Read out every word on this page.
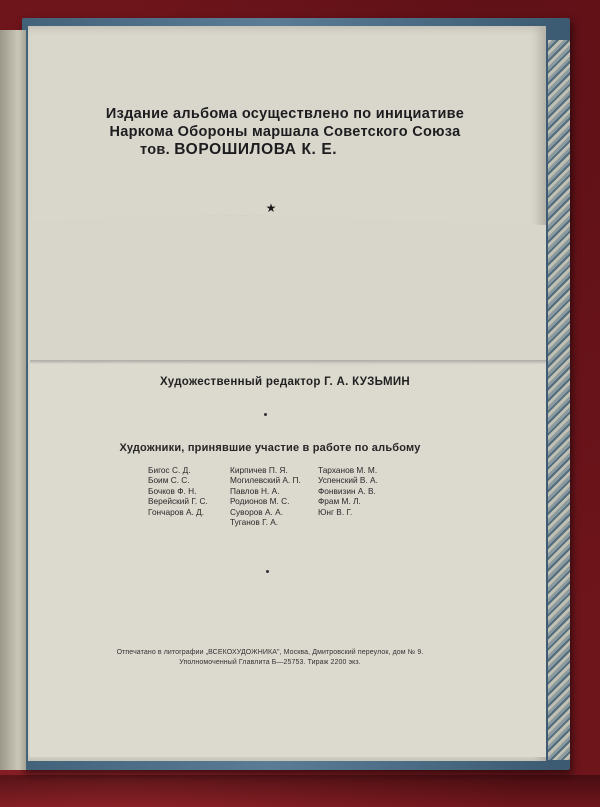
Издание альбома осуществлено по инициативе
Наркома Обороны маршала Советского Союза
тов. ВОРОШИЛОВА К. Е.
★
Художественный редактор Г. А. КУЗЬМИН
Художники, принявшие участие в работе по альбому
Бигос С. Д.
Боим С. С.
Бочков Ф. Н.
Верейский Г. С.
Гончаров А. Д.
Кирпичев П. Я.
Могилевский А. П.
Павлов Н. А.
Родионов М. С.
Суворов А. А.
Туганов Г. А.
Тарханов М. М.
Успенский В. А.
Фонвизин А. В.
Фрам М. Л.
Юнг В. Г.
Отпечатано в литографии „ВСЕКОХУДОЖНИКА", Москва, Дмитровский переулок, дом № 9.
Уполномоченный Главлита Б—25753. Тираж 2200 экз.
